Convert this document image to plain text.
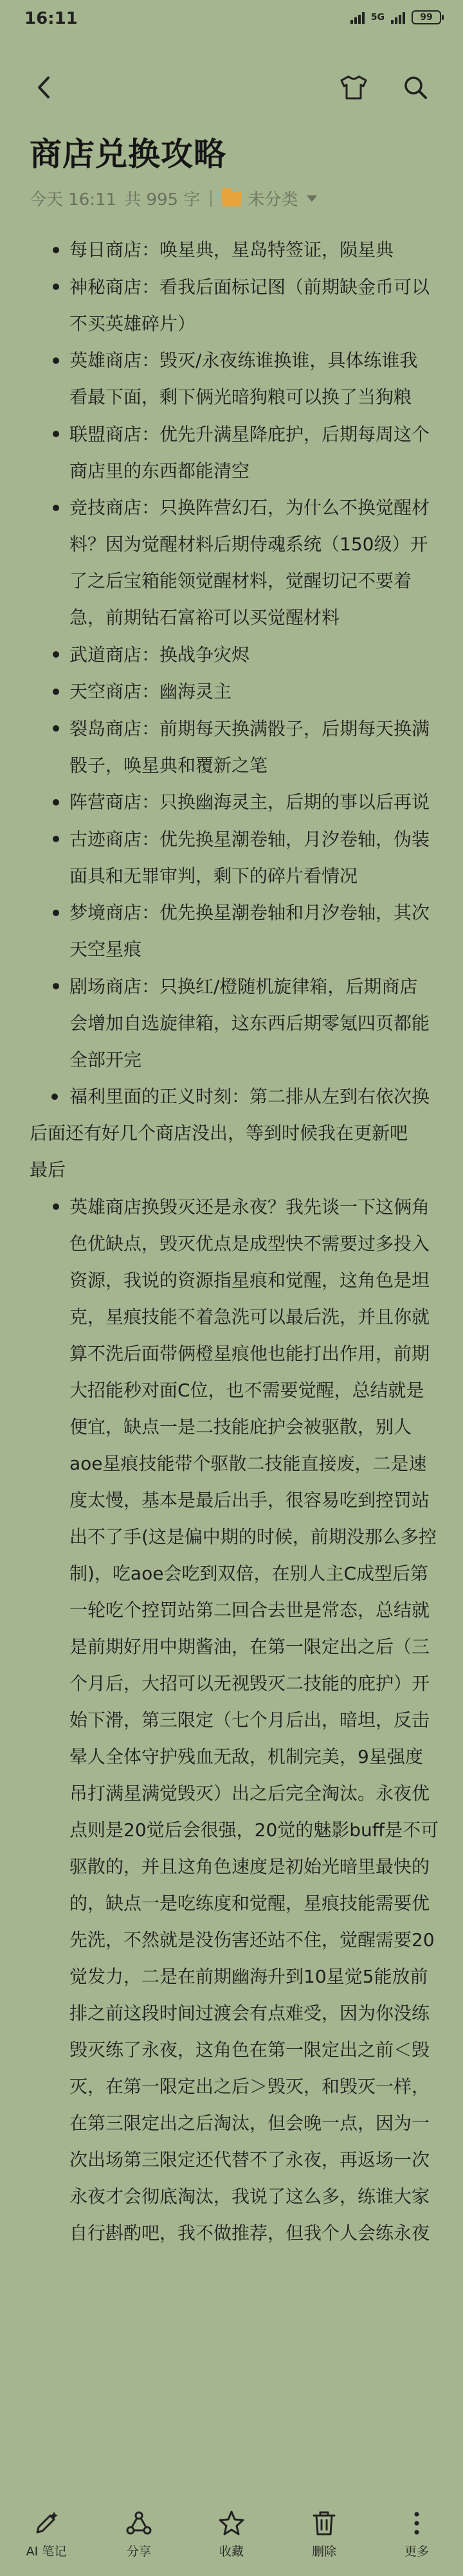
16:11	5G	99
商店兑换攻略
今天 16:11 共 995 字	未分类
每日商店：唤星典，星岛特签证，陨星典
神秘商店：看我后面标记图（前期缺金币可以
不买英雄碎片）
英雄商店：毁灭/永夜练谁换谁，具体练谁我
看最下面，剩下俩光暗狗粮可以换了当狗粮
联盟商店：优先升满星降庇护，后期每周这个
商店里的东西都能清空
竞技商店：只换阵营幻石，为什么不换觉醒材
料？因为觉醒材料后期侍魂系统（150级）开
了之后宝箱能领觉醒材料，觉醒切记不要着
急，前期钻石富裕可以买觉醒材料
武道商店：换战争灾烬
天空商店：幽海灵主
裂岛商店：前期每天换满骰子，后期每天换满
骰子，唤星典和覆新之笔
阵营商店：只换幽海灵主，后期的事以后再说
古迹商店：优先换星潮卷轴，月汐卷轴，伪装
面具和无罪审判，剩下的碎片看情况
梦境商店：优先换星潮卷轴和月汐卷轴，其次
天空星痕
剧场商店：只换红/橙随机旋律箱，后期商店
会增加自选旋律箱，这东西后期零氪四页都能
全部开完
福利里面的正义时刻：第二排从左到右依次换
后面还有好几个商店没出，等到时候我在更新吧
最后
英雄商店换毁灭还是永夜？我先谈一下这俩角
色优缺点，毁灭优点是成型快不需要过多投入
资源，我说的资源指星痕和觉醒，这角色是坦
克，星痕技能不着急洗可以最后洗，并且你就
算不洗后面带俩橙星痕他也能打出作用，前期
大招能秒对面C位，也不需要觉醒，总结就是
便宜，缺点一是二技能庇护会被驱散，别人
aoe星痕技能带个驱散二技能直接废，二是速
度太慢，基本是最后出手，很容易吃到控罚站
出不了手(这是偏中期的时候，前期没那么多控
制)，吃aoe会吃到双倍，在别人主C成型后第
一轮吃个控罚站第二回合去世是常态，总结就
是前期好用中期酱油，在第一限定出之后（三
个月后，大招可以无视毁灭二技能的庇护）开
始下滑，第三限定（七个月后出，暗坦，反击
晕人全体守护残血无敌，机制完美，9星强度
吊打满星满觉毁灭）出之后完全淘汰。永夜优
点则是20觉后会很强，20觉的魅影buff是不可
驱散的，并且这角色速度是初始光暗里最快的
的，缺点一是吃练度和觉醒，星痕技能需要优
先洗，不然就是没伤害还站不住，觉醒需要20
觉发力，二是在前期幽海升到10星觉5能放前
排之前这段时间过渡会有点难受，因为你没练
毁灭练了永夜，这角色在第一限定出之前＜毁
灭，在第一限定出之后＞毁灭，和毁灭一样，
在第三限定出之后淘汰，但会晚一点，因为一
次出场第三限定还代替不了永夜，再返场一次
永夜才会彻底淘汰，我说了这么多，练谁大家
自行斟酌吧，我不做推荐，但我个人会练永夜
AI 笔记	分享	收藏	删除	更多
